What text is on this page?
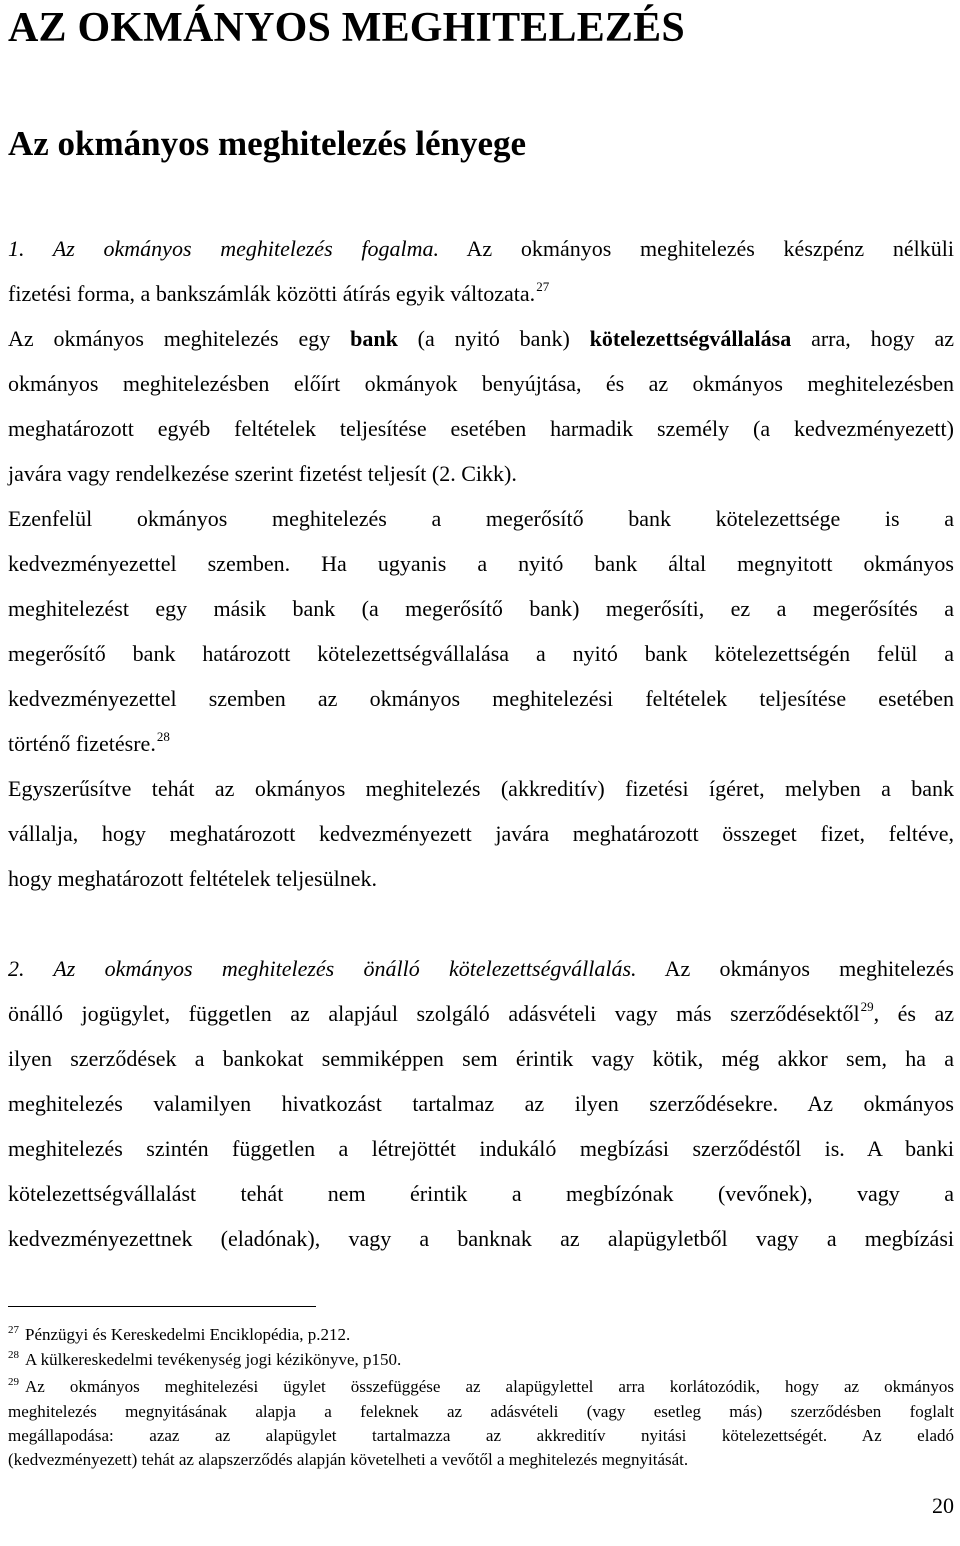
AZ OKMÁNYOS MEGHITELEZÉS
Az okmányos meghitelezés lényege
1. Az okmányos meghitelezés fogalma. Az okmányos meghitelezés készpénz nélküli
fizetési forma, a bankszámlák közötti átírás egyik változata.$^{27}$
Az okmányos meghitelezés egy bank (a nyitó bank) kötelezettségvállalása arra, hogy az
okmányos meghitelezésben előírt okmányok benyújtása, és az okmányos meghitelezésben
meghatározott egyéb feltételek teljesítése esetében harmadik személy (a kedvezményezett)
javára vagy rendelkezése szerint fizetést teljesít (2. Cikk).
Ezenfelül okmányos meghitelezés a megerősítő bank kötelezettsége is a
kedvezményezettel szemben. Ha ugyanis a nyitó bank által megnyitott okmányos
meghitelezést egy másik bank (a megerősítő bank) megerősíti, ez a megerősítés a
megerősítő bank határozott kötelezettségvállalása a nyitó bank kötelezettségén felül a
kedvezményezettel szemben az okmányos meghitelezési feltételek teljesítése esetében
történő fizetésre.$^{28}$
Egyszerűsítve tehát az okmányos meghitelezés (akkreditív) fizetési ígéret, melyben a bank
vállalja, hogy meghatározott kedvezményezett javára meghatározott összeget fizet, feltéve,
hogy meghatározott feltételek teljesülnek.
2. Az okmányos meghitelezés önálló kötelezettségvállalás. Az okmányos meghitelezés
önálló jogügylet, független az alapjául szolgáló adásvételi vagy más szerződésektől$^{29}$, és az
ilyen szerződések a bankokat semmiképpen sem érintik vagy kötik, még akkor sem, ha a
meghitelezés valamilyen hivatkozást tartalmaz az ilyen szerződésekre. Az okmányos
meghitelezés szintén független a létrejöttét indukáló megbízási szerződéstől is. A banki
kötelezettségvállalást tehát nem érintik a megbízónak (vevőnek), vagy a
kedvezményezettnek (eladónak), vagy a banknak az alapügyletből vagy a megbízási
$^{27}$ Pénzügyi és Kereskedelmi Enciklopédia, p.212.
$^{28}$ A külkereskedelmi tevékenység jogi kézikönyve, p150.
$^{29}$ Az okmányos meghitelezési ügylet összefüggése az alapügylettel arra korlátozódik, hogy az okmányos
meghitelezés megnyitásának alapja a feleknek az adásvételi (vagy esetleg más) szerződésben foglalt
megállapodása: azaz az alapügylet tartalmazza az akkreditív nyitási kötelezettségét. Az eladó
(kedvezményezett) tehát az alapszerződés alapján követelheti a vevőtől a meghitelezés megnyitását.
20
